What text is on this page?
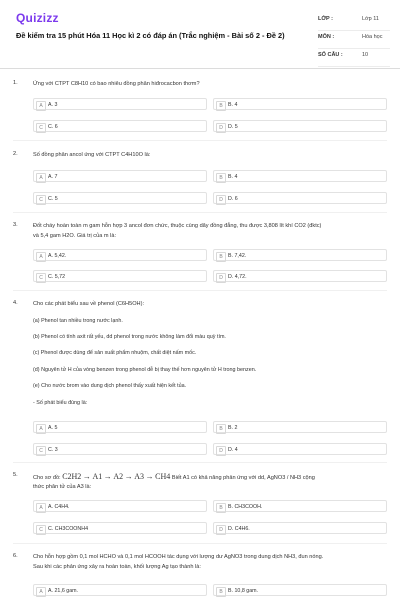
Quizizz
Đề kiểm tra 15 phút Hóa 11 Học kì 2 có đáp án (Trắc nghiệm - Bài số 2 - Đề 2)
LỚP :	Lớp 11
MÔN :	Hóa học
SỐ CÂU :	10
1.	Ứng với CTPT C8H10 có bao nhiêu đồng phân hiđrocacbon thơm?
A	A. 3	B	B. 4
C C. 6	D D. 5
2.	Số đồng phân ancol ứng với CTPT C4H10O là:
A	A. 7	B	B. 4
C C. 5	D D. 6
3.	Đốt cháy hoàn toàn m gam hỗn hợp 3 ancol đơn chức, thuộc cùng dãy đồng đẳng, thu được 3,808 lít khí CO2 (đktc)
và 5,4 gam H2O. Giá trị của m là:
A	A. 5,42.	B	B. 7,42.
C C. 5,72	D D. 4,72.
4.	Cho các phát biểu sau về phenol (C6H5OH):
(a) Phenol tan nhiều trong nước lạnh.
(b) Phenol có tính axit rất yếu, dd phenol trong nước không làm đổi màu quỳ tím.
(c) Phenol được dùng để sản xuất phẩm nhuộm, chất diệt nấm mốc.
(d) Nguyên tử H của vòng benzen trong phenol dễ bị thay thế hơn nguyên tử H trong benzen.
(e) Cho nước brom vào dung dịch phenol thấy xuất hiện kết tủa.
- Số phát biểu đúng là:
A	A. 5	B	B. 2
C C. 3	D D. 4
5.	Cho sơ đồ: C2H2 → A1 → A2 → A3 → CH4 Biết A1 có khả năng phản ứng với dd, AgNO3 / NH3 cộng
thức phân tử của A3 là:
A	A. C4H4.	B	B. CH3COOH.
C C. CH3COONH4	D D. C4H6.
6.	Cho hỗn hợp gồm 0,1 mol HCHO và 0,1 mol HCOOH tác dụng với lượng dư AgNO3 trong dung dịch NH3, đun nóng.
Sau khi các phản ứng xảy ra hoàn toàn, khối lượng Ag tạo thành là:
A	A. 21,6 gam.	B	B. 10,8 gam.
